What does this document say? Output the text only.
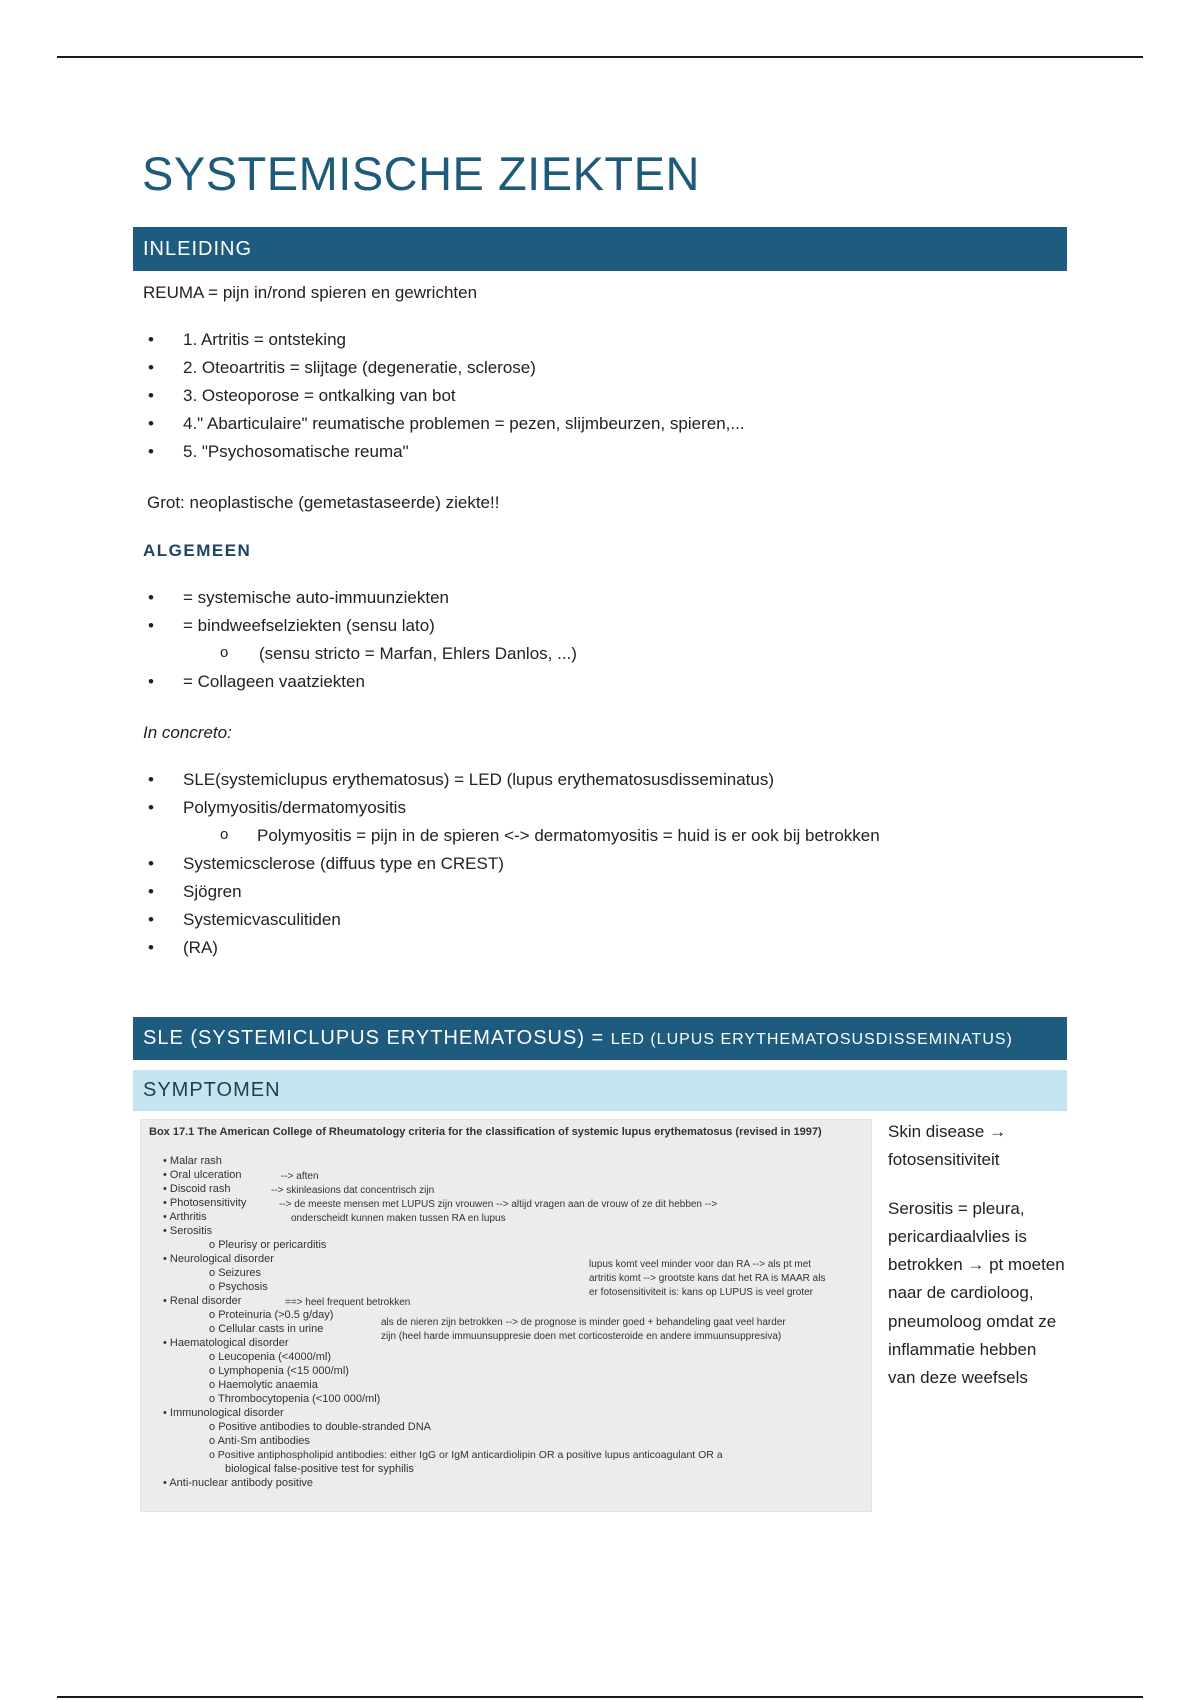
SYSTEMISCHE ZIEKTEN
INLEIDING
REUMA = pijn in/rond spieren en gewrichten
• 1. Artritis = ontsteking
• 2. Oteoartritis = slijtage (degeneratie, sclerose)
• 3. Osteoporose = ontkalking van bot
• 4." Abarticulaire" reumatische problemen = pezen, slijmbeurzen, spieren,...
• 5. "Psychosomatische reuma"
Grot: neoplastische (gemetastaseerde) ziekte!!
ALGEMEEN
• = systemische auto-immuunziekten
• = bindweefselziekten (sensu lato)
o (sensu stricto = Marfan, Ehlers Danlos, ...)
• = Collageen vaatziekten
In concreto:
• SLE(systemiclupus erythematosus) = LED (lupus erythematosusdisseminatus)
• Polymyositis/dermatomyositis
o Polymyositis = pijn in de spieren <-> dermatomyositis = huid is er ook bij betrokken
• Systemicsclerose (diffuus type en CREST)
• Sjögren
• Systemicvasculitiden
• (RA)
SLE (SYSTEMICLUPUS ERYTHEMATOSUS) = LED (LUPUS ERYTHEMATOSUSDISSEMINATUS)
SYMPTOMEN
Box 17.1 The American College of Rheumatology criteria for the classification of systemic lupus erythematosus (revised in 1997)
• Malar rash
• Oral ulceration
• Discoid rash
• Photosensitivity
• Arthritis
• Serositis
o Pleurisy or pericarditis
• Neurological disorder
o Seizures
o Psychosis
• Renal disorder
o Proteinuria (>0.5 g/day)
o Cellular casts in urine
• Haematological disorder
o Leucopenia (<4000/ml)
o Lymphopenia (<15 000/ml)
o Haemolytic anaemia
o Thrombocytopenia (<100 000/ml)
• Immunological disorder
o Positive antibodies to double-stranded DNA
o Anti-Sm antibodies
o Positive antiphospholipid antibodies: either IgG or IgM anticardiolipin OR a positive lupus anticoagulant OR a
biological false-positive test for syphilis
• Anti-nuclear antibody positive
--> aften
--> skinleasions dat concentrisch zijn
--> de meeste mensen met LUPUS zijn vrouwen --> altijd vragen aan de vrouw of ze dit hebben -->
onderscheidt kunnen maken tussen RA en lupus
lupus komt veel minder voor dan RA --> als pt met
artritis komt --> grootste kans dat het RA is MAAR als
er fotosensitiviteit is: kans op LUPUS is veel groter
==> heel frequent betrokken
als de nieren zijn betrokken --> de prognose is minder goed + behandeling gaat veel harder
zijn (heel harde immuunsuppresie doen met corticosteroide en andere immuunsuppresiva)

Skin disease → fotosensitiviteit

Serositis = pleura, pericardiaalvlies is betrokken → pt moeten naar de cardioloog, pneumoloog omdat ze inflammatie hebben van deze weefsels
